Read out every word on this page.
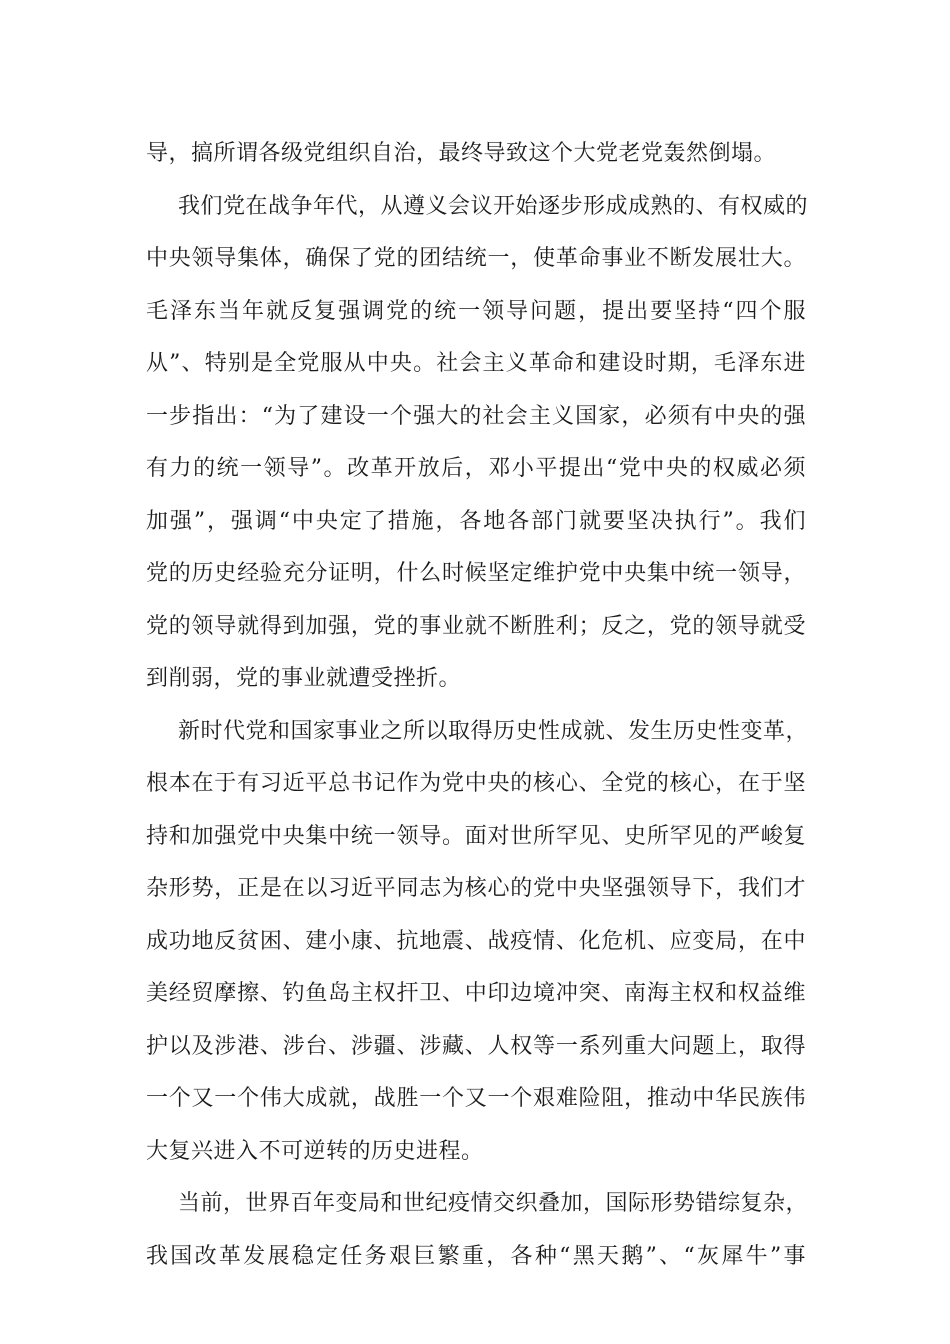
导，搞所谓各级党组织自治，最终导致这个大党老党轰然倒塌。
我们党在战争年代，从遵义会议开始逐步形成成熟的、有权威的
中央领导集体，确保了党的团结统一，使革命事业不断发展壮大。
毛泽东当年就反复强调党的统一领导问题，提出要坚持“四个服
从”、特别是全党服从中央。社会主义革命和建设时期，毛泽东进
一步指出：“为了建设一个强大的社会主义国家，必须有中央的强
有力的统一领导”。改革开放后，邓小平提出“党中央的权威必须
加强”，强调“中央定了措施，各地各部门就要坚决执行”。我们
党的历史经验充分证明，什么时候坚定维护党中央集中统一领导，
党的领导就得到加强，党的事业就不断胜利；反之，党的领导就受
到削弱，党的事业就遭受挫折。
新时代党和国家事业之所以取得历史性成就、发生历史性变革，
根本在于有习近平总书记作为党中央的核心、全党的核心，在于坚
持和加强党中央集中统一领导。面对世所罕见、史所罕见的严峻复
杂形势，正是在以习近平同志为核心的党中央坚强领导下，我们才
成功地反贫困、建小康、抗地震、战疫情、化危机、应变局，在中
美经贸摩擦、钓鱼岛主权扞卫、中印边境冲突、南海主权和权益维
护以及涉港、涉台、涉疆、涉藏、人权等一系列重大问题上，取得
一个又一个伟大成就，战胜一个又一个艰难险阻，推动中华民族伟
大复兴进入不可逆转的历史进程。
当前，世界百年变局和世纪疫情交织叠加，国际形势错综复杂，
我国改革发展稳定任务艰巨繁重，各种“黑天鹅”、“灰犀牛”事
